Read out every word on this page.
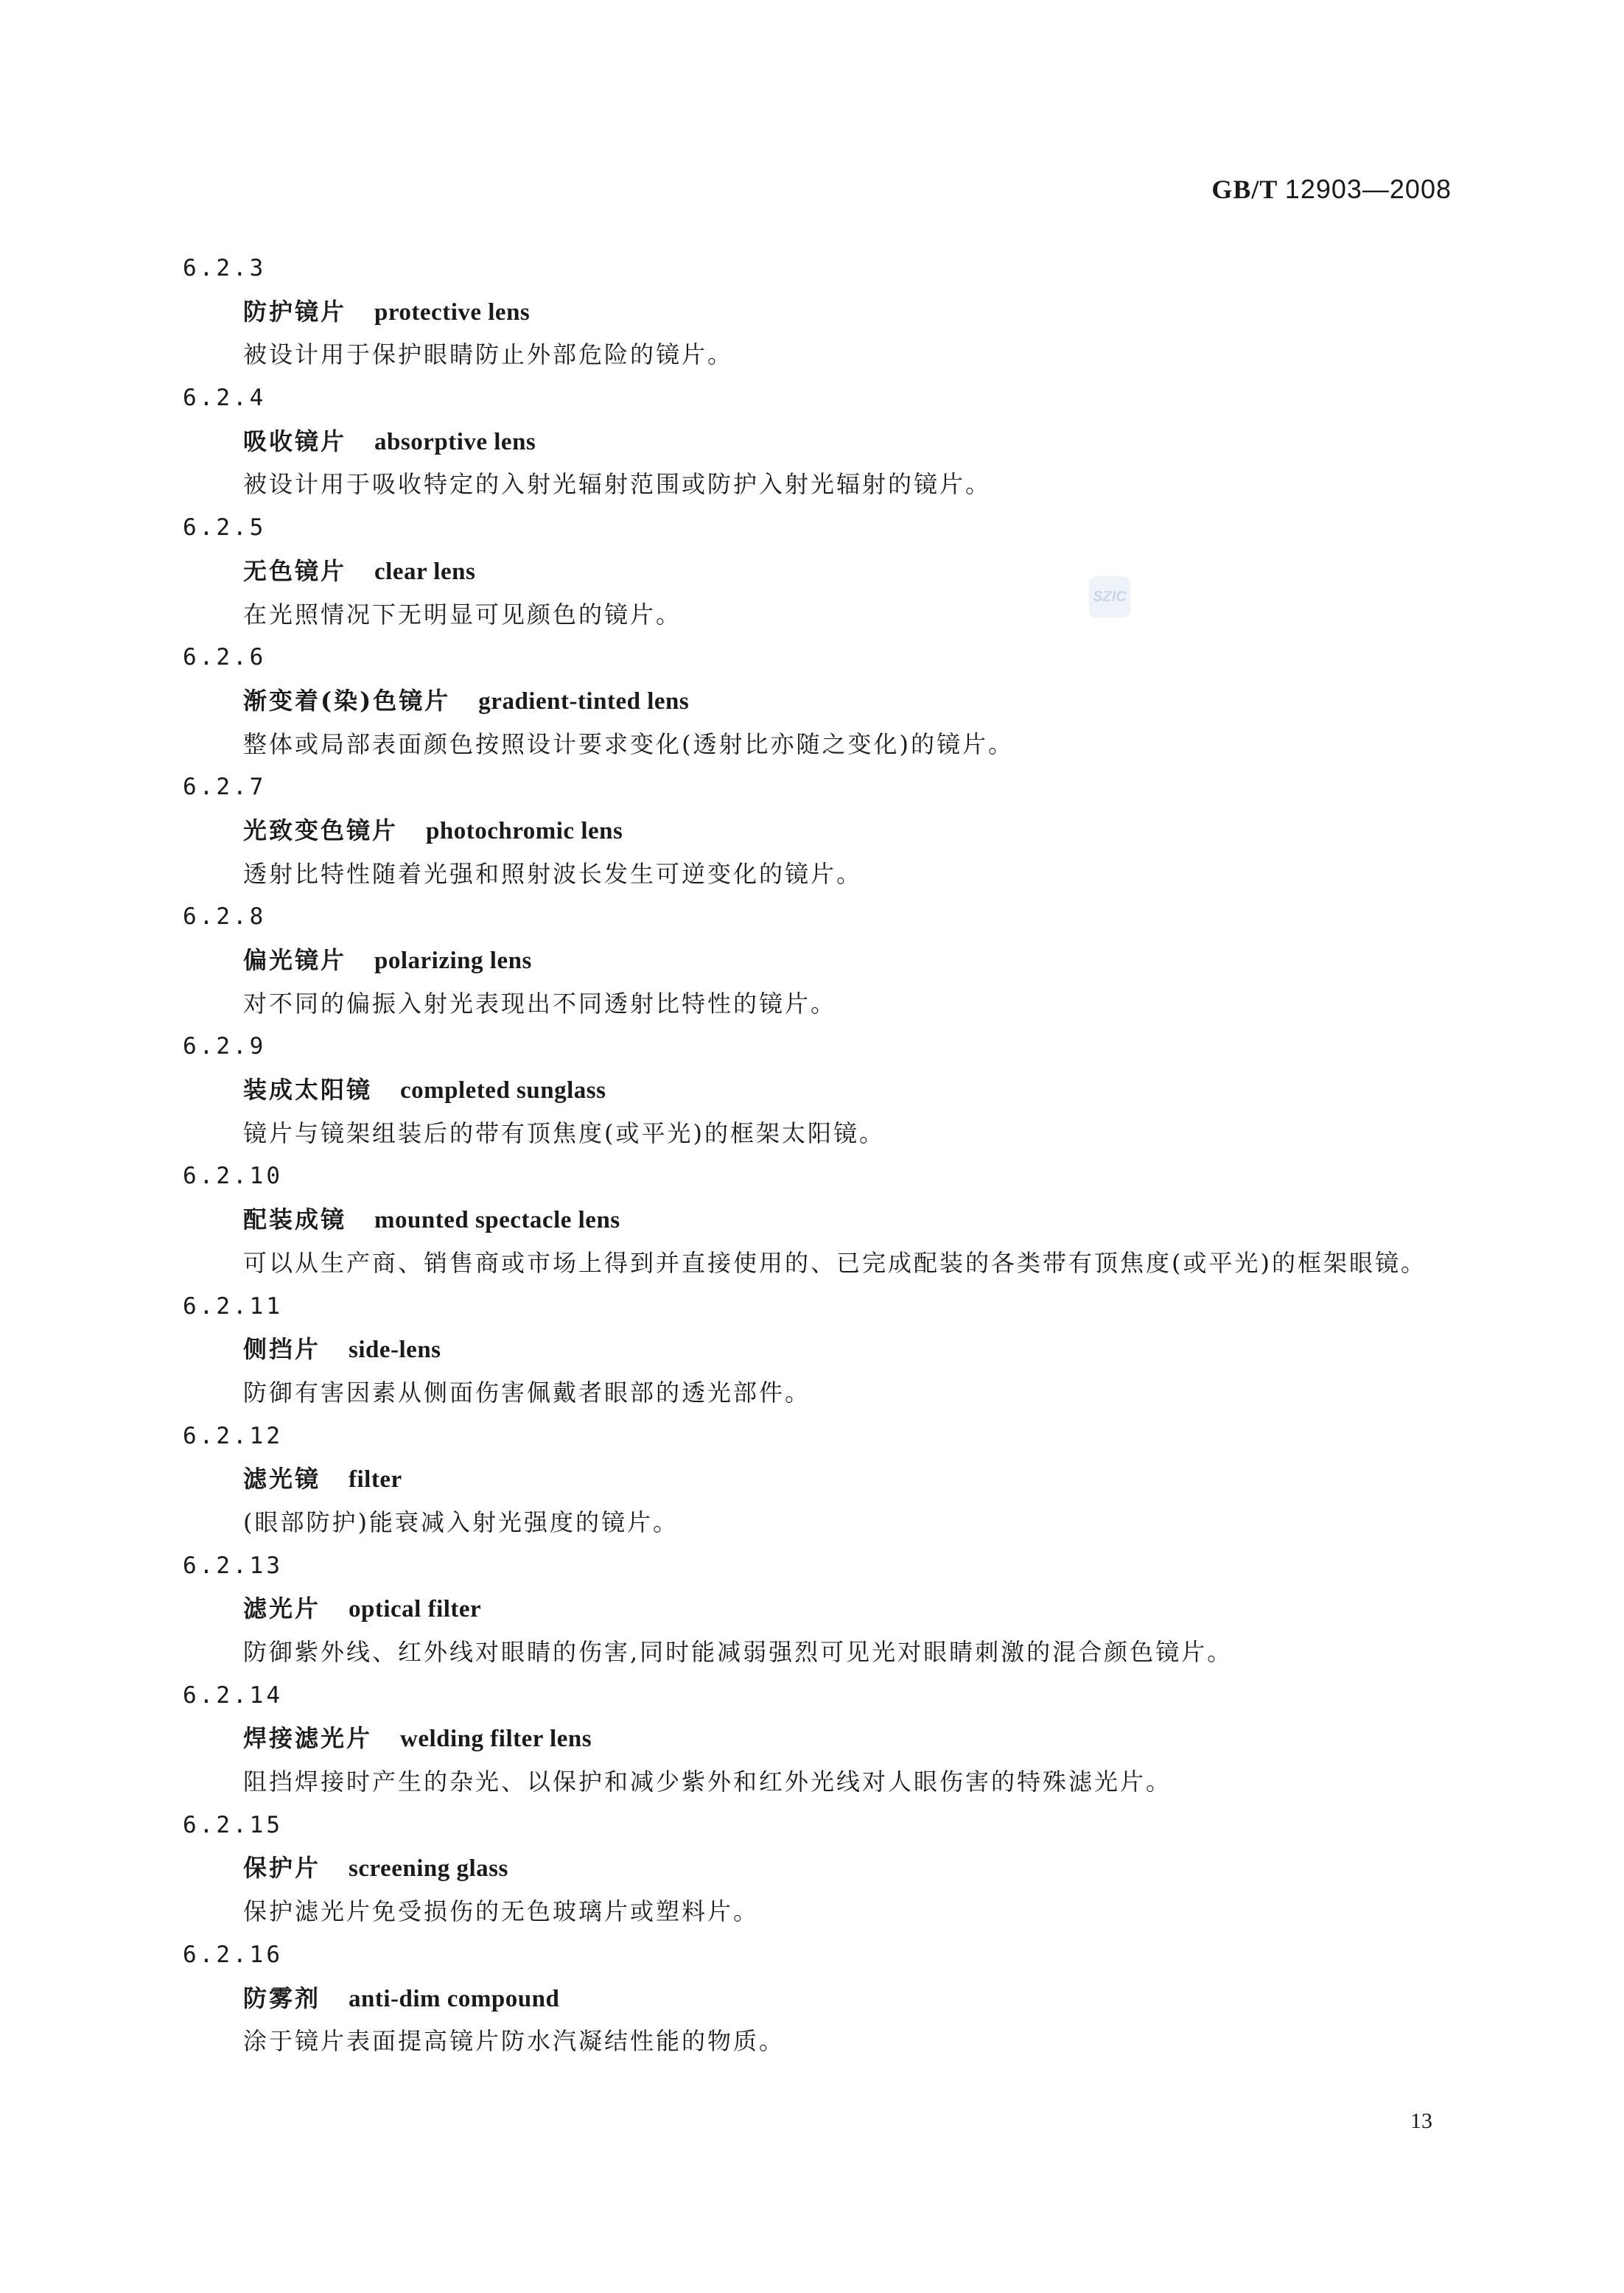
GB/T 12903—2008
SZIC
6.2.3
防护镜片 protective lens
被设计用于保护眼睛防止外部危险的镜片。
6.2.4
吸收镜片 absorptive lens
被设计用于吸收特定的入射光辐射范围或防护入射光辐射的镜片。
6.2.5
无色镜片 clear lens
在光照情况下无明显可见颜色的镜片。
6.2.6
渐变着(染)色镜片 gradient-tinted lens
整体或局部表面颜色按照设计要求变化(透射比亦随之变化)的镜片。
6.2.7
光致变色镜片 photochromic lens
透射比特性随着光强和照射波长发生可逆变化的镜片。
6.2.8
偏光镜片 polarizing lens
对不同的偏振入射光表现出不同透射比特性的镜片。
6.2.9
装成太阳镜 completed sunglass
镜片与镜架组装后的带有顶焦度(或平光)的框架太阳镜。
6.2.10
配装成镜 mounted spectacle lens
可以从生产商、销售商或市场上得到并直接使用的、已完成配装的各类带有顶焦度(或平光)的框架眼镜。
6.2.11
侧挡片 side-lens
防御有害因素从侧面伤害佩戴者眼部的透光部件。
6.2.12
滤光镜 filter
(眼部防护)能衰减入射光强度的镜片。
6.2.13
滤光片 optical filter
防御紫外线、红外线对眼睛的伤害,同时能减弱强烈可见光对眼睛刺激的混合颜色镜片。
6.2.14
焊接滤光片 welding filter lens
阻挡焊接时产生的杂光、以保护和减少紫外和红外光线对人眼伤害的特殊滤光片。
6.2.15
保护片 screening glass
保护滤光片免受损伤的无色玻璃片或塑料片。
6.2.16
防雾剂 anti-dim compound
涂于镜片表面提高镜片防水汽凝结性能的物质。
13
